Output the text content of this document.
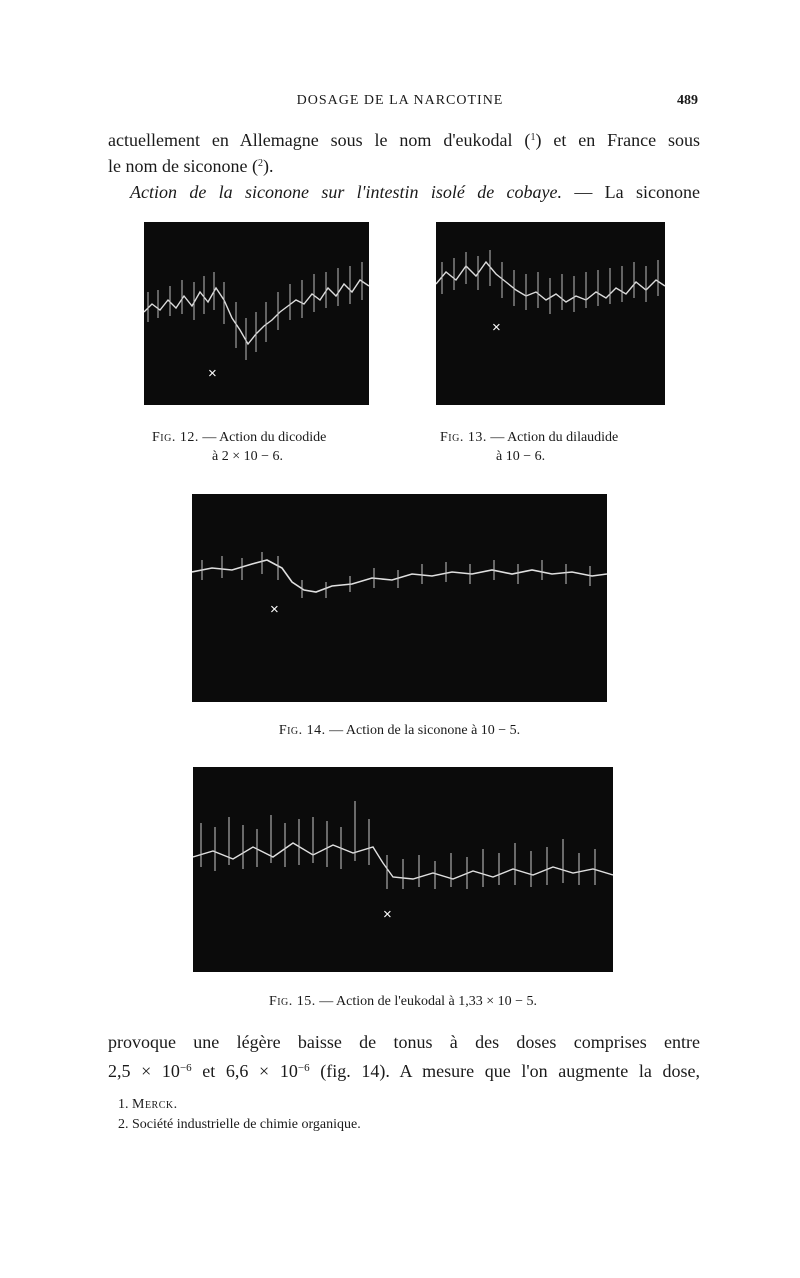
DOSAGE DE LA NARCOTINE	489
actuellement en Allemagne sous le nom d'eukodal ($^1$) et en France sous
le nom de siconone ($^2$).
Action de la siconone sur l'intestin isolé de cobaye. — La siconone
×
Fig. 12. — Action du dicodide
à 2 × 10 − 6.
×
Fig. 13. — Action du dilaudide
à 10 − 6.
×
Fig. 14. — Action de la siconone à 10 − 5.
×
Fig. 15. — Action de l'eukodal à 1,33 × 10 − 5.
provoque une légère baisse de tonus à des doses comprises entre
$2,5 \times 10^{-6}$ et $6,6 \times 10^{-6}$ (fig. 14). A mesure que l'on augmente la dose,
1. Merck.
2. Société industrielle de chimie organique.
